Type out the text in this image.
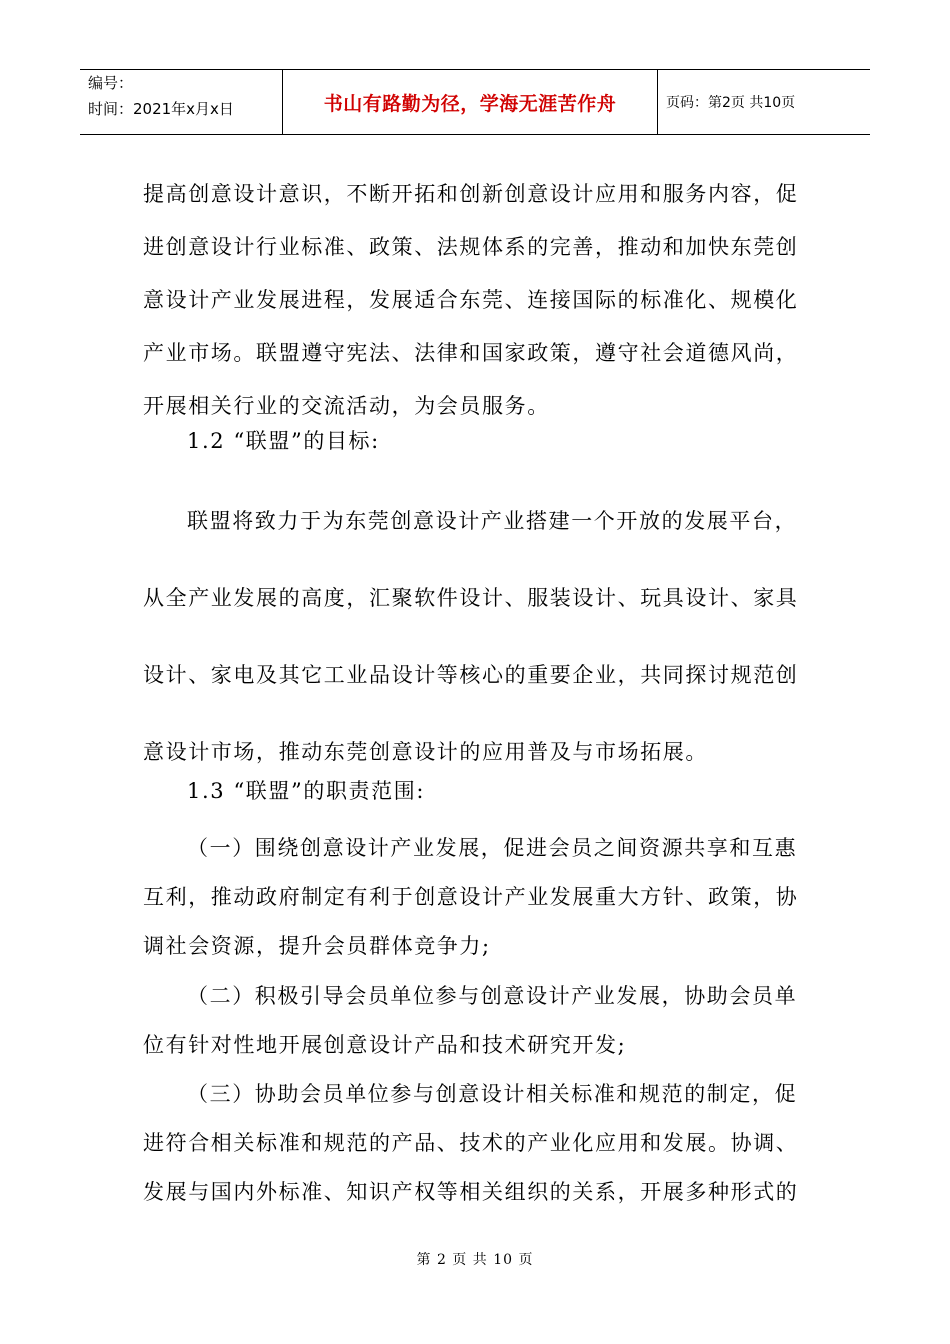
编号：
时间：2021年x月x日	书山有路勤为径，学海无涯苦作舟	页码：第2页 共10页
提高创意设计意识，不断开拓和创新创意设计应用和服务内容，促进创意设计行业标准、政策、法规体系的完善，推动和加快东莞创意设计产业发展进程，发展适合东莞、连接国际的标准化、规模化产业市场。联盟遵守宪法、法律和国家政策，遵守社会道德风尚，开展相关行业的交流活动，为会员服务。
1.2 “联盟”的目标:
联盟将致力于为东莞创意设计产业搭建一个开放的发展平台，从全产业发展的高度，汇聚软件设计、服装设计、玩具设计、家具设计、家电及其它工业品设计等核心的重要企业，共同探讨规范创意设计市场，推动东莞创意设计的应用普及与市场拓展。
1.3 “联盟”的职责范围:
（一）围绕创意设计产业发展，促进会员之间资源共享和互惠互利，推动政府制定有利于创意设计产业发展重大方针、政策，协调社会资源，提升会员群体竞争力;
（二）积极引导会员单位参与创意设计产业发展，协助会员单位有针对性地开展创意设计产品和技术研究开发;
（三）协助会员单位参与创意设计相关标准和规范的制定，促进符合相关标准和规范的产品、技术的产业化应用和发展。协调、发展与国内外标准、知识产权等相关组织的关系，开展多种形式的
第 2 页 共 10 页
